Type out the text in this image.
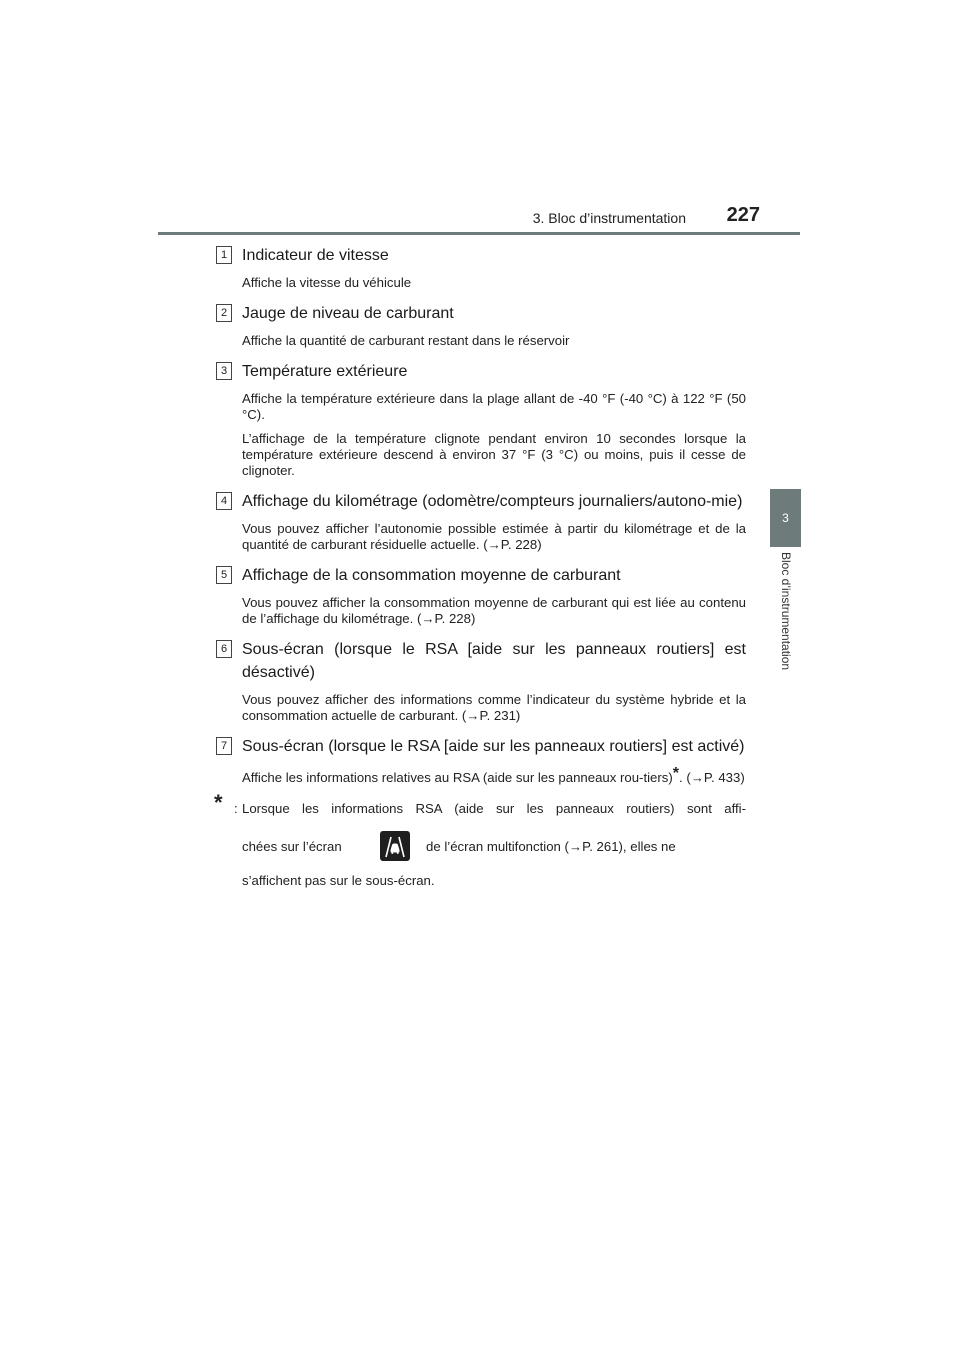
3. Bloc d’instrumentation 227
3
Bloc d’instrumentation
1 Indicateur de vitesse
Affiche la vitesse du véhicule
2 Jauge de niveau de carburant
Affiche la quantité de carburant restant dans le réservoir
3 Température extérieure
Affiche la température extérieure dans la plage allant de -40 °F (-40 °C) à 122 °F (50 °C).
L’affichage de la température clignote pendant environ 10 secondes lorsque la température extérieure descend à environ 37 °F (3 °C) ou moins, puis il cesse de clignoter.
4 Affichage du kilométrage (odomètre/compteurs journaliers/autono-mie)
Vous pouvez afficher l’autonomie possible estimée à partir du kilométrage et de la quantité de carburant résiduelle actuelle. (→P. 228)
5 Affichage de la consommation moyenne de carburant
Vous pouvez afficher la consommation moyenne de carburant qui est liée au contenu de l’affichage du kilométrage. (→P. 228)
6 Sous-écran (lorsque le RSA [aide sur les panneaux routiers] est désactivé)
Vous pouvez afficher des informations comme l’indicateur du système hybride et la consommation actuelle de carburant. (→P. 231)
7 Sous-écran (lorsque le RSA [aide sur les panneaux routiers] est activé)
Affiche les informations relatives au RSA (aide sur les panneaux rou-tiers)*. (→P. 433)
* : Lorsque les informations RSA (aide sur les panneaux routiers) sont affi-
chées sur l’écran	de l’écran multifonction (→P. 261), elles ne
s’affichent pas sur le sous-écran.
